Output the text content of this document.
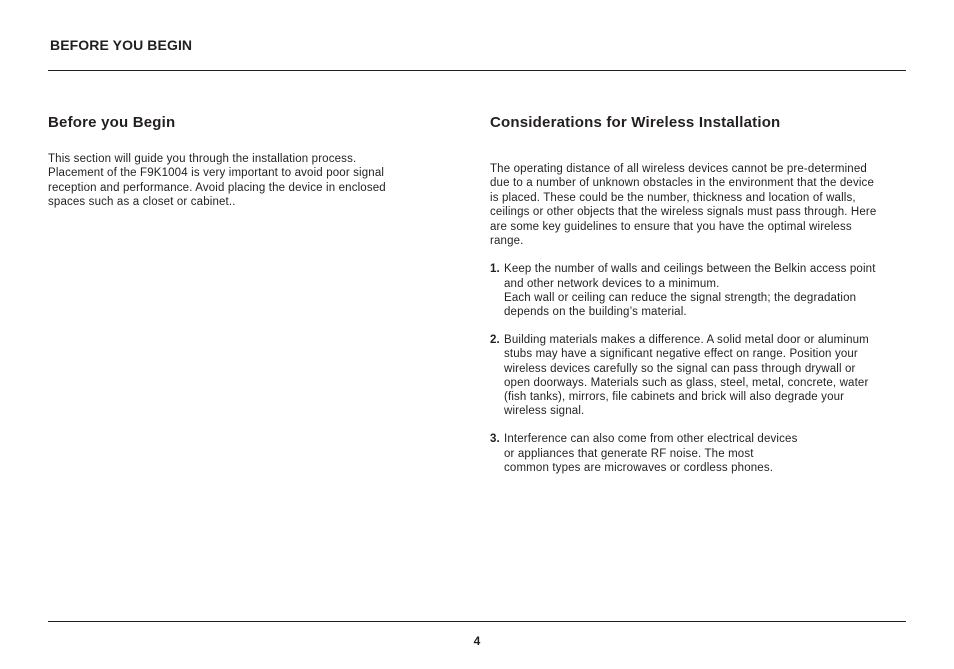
BEFORE YOU BEGIN
Before you Begin

This section will guide you through the installation process. Placement of the F9K1004 is very important to avoid poor signal reception and performance. Avoid placing the device in enclosed spaces such as a closet or cabinet..

Considerations for Wireless Installation

The operating distance of all wireless devices cannot be pre-determined due to a number of unknown obstacles in the environment that the device is placed. These could be the number, thickness and location of walls, ceilings or other objects that the wireless signals must pass through. Here are some key guidelines to ensure that you have the optimal wireless range.

1. Keep the number of walls and ceilings between the Belkin access point and other network devices to a minimum.
Each wall or ceiling can reduce the signal strength; the degradation depends on the building’s material.
2. Building materials makes a difference. A solid metal door or aluminum stubs may have a significant negative effect on range. Position your wireless devices carefully so the signal can pass through drywall or open doorways. Materials such as glass, steel, metal, concrete, water (fish tanks), mirrors, file cabinets and brick will also degrade your wireless signal.
3. Interference can also come from other electrical devices
or appliances that generate RF noise. The most
common types are microwaves or cordless phones.
4
